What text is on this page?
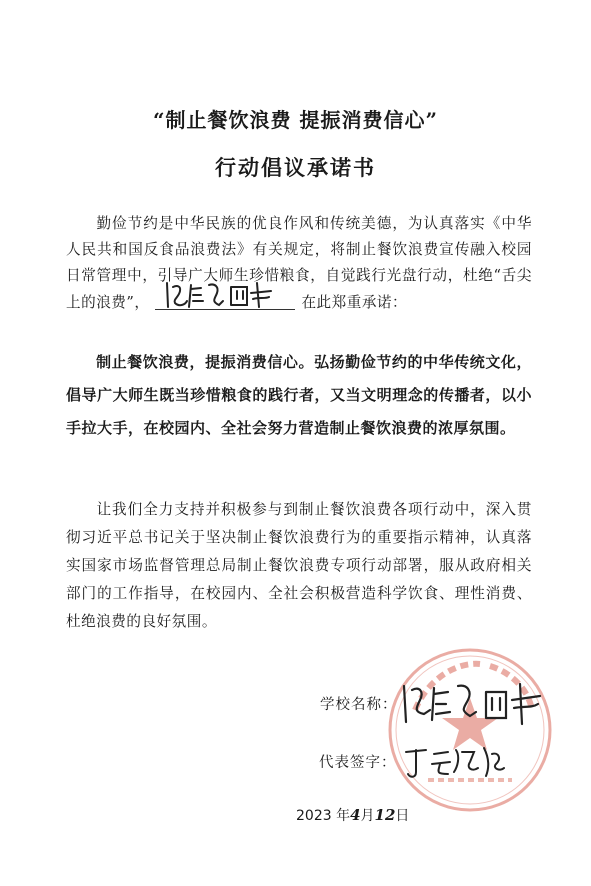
“制止餐饮浪费 提振消费信心”
行动倡议承诺书
勤俭节约是中华民族的优良作风和传统美德，为认真落实《中华人民共和国反食品浪费法》有关规定，将制止餐饮浪费宣传融入校园日常管理中，引导广大师生珍惜粮食，自觉践行光盘行动，杜绝“舌尖上的浪费”，	在此郑重承诺：
制止餐饮浪费，提振消费信心。弘扬勤俭节约的中华传统文化，倡导广大师生既当珍惜粮食的践行者，又当文明理念的传播者，以小手拉大手，在校园内、全社会努力营造制止餐饮浪费的浓厚氛围。
让我们全力支持并积极参与到制止餐饮浪费各项行动中，深入贯彻习近平总书记关于坚决制止餐饮浪费行为的重要指示精神，认真落实国家市场监督管理总局制止餐饮浪费专项行动部署，服从政府相关部门的工作指导，在校园内、全社会积极营造科学饮食、理性消费、杜绝浪费的良好氛围。
学校名称：
代表签字：
2023 年4月12日
